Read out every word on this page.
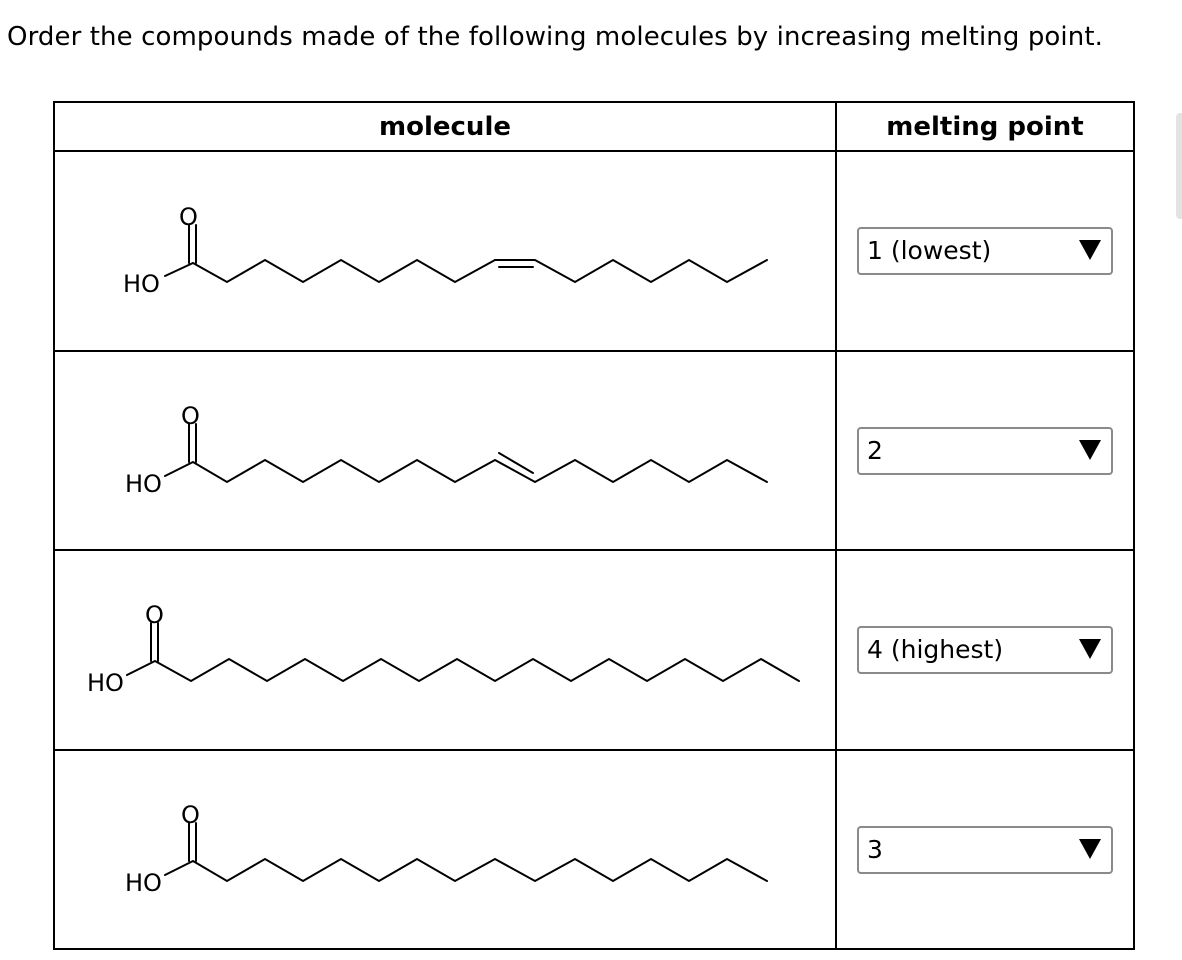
Order the compounds made of the following molecules by increasing melting point.
molecule	melting point
HO
O
HO
O
HO
O
HO
O
1 (lowest)
2
4 (highest)
3
